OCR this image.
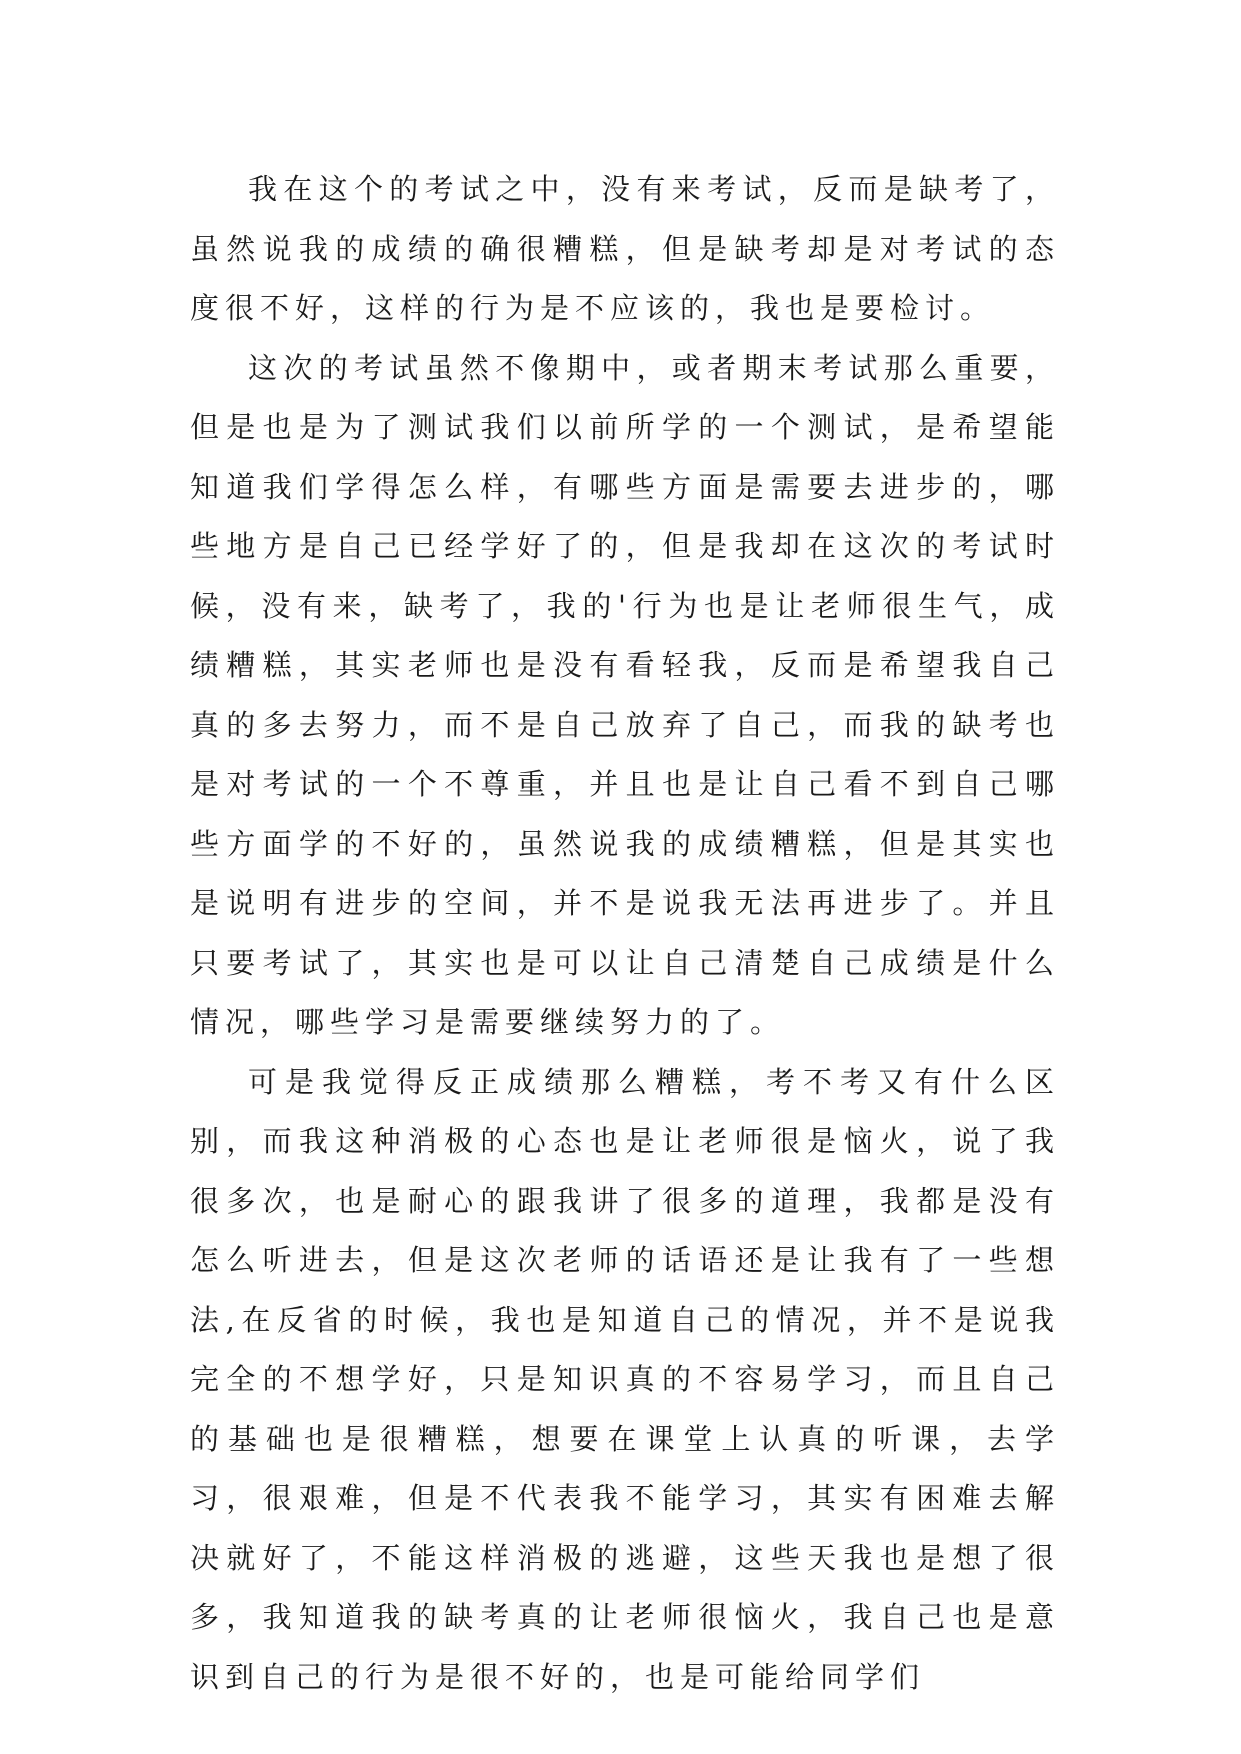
我在这个的考试之中，没有来考试，反而是缺考了，虽然说我的成绩的确很糟糕，但是缺考却是对考试的态度很不好，这样的行为是不应该的，我也是要检讨。

这次的考试虽然不像期中，或者期末考试那么重要，但是也是为了测试我们以前所学的一个测试，是希望能知道我们学得怎么样，有哪些方面是需要去进步的，哪些地方是自己已经学好了的，但是我却在这次的考试时候，没有来，缺考了，我的'行为也是让老师很生气，成绩糟糕，其实老师也是没有看轻我，反而是希望我自己真的多去努力，而不是自己放弃了自己，而我的缺考也是对考试的一个不尊重，并且也是让自己看不到自己哪些方面学的不好的，虽然说我的成绩糟糕，但是其实也是说明有进步的空间，并不是说我无法再进步了。并且只要考试了，其实也是可以让自己清楚自己成绩是什么情况，哪些学习是需要继续努力的了。

可是我觉得反正成绩那么糟糕，考不考又有什么区别，而我这种消极的心态也是让老师很是恼火，说了我很多次，也是耐心的跟我讲了很多的道理，我都是没有怎么听进去，但是这次老师的话语还是让我有了一些想法,在反省的时候，我也是知道自己的情况，并不是说我完全的不想学好，只是知识真的不容易学习，而且自己的基础也是很糟糕，想要在课堂上认真的听课，去学习，很艰难，但是不代表我不能学习，其实有困难去解决就好了，不能这样消极的逃避，这些天我也是想了很多，我知道我的缺考真的让老师很恼火，我自己也是意识到自己的行为是很不好的，也是可能给同学们
